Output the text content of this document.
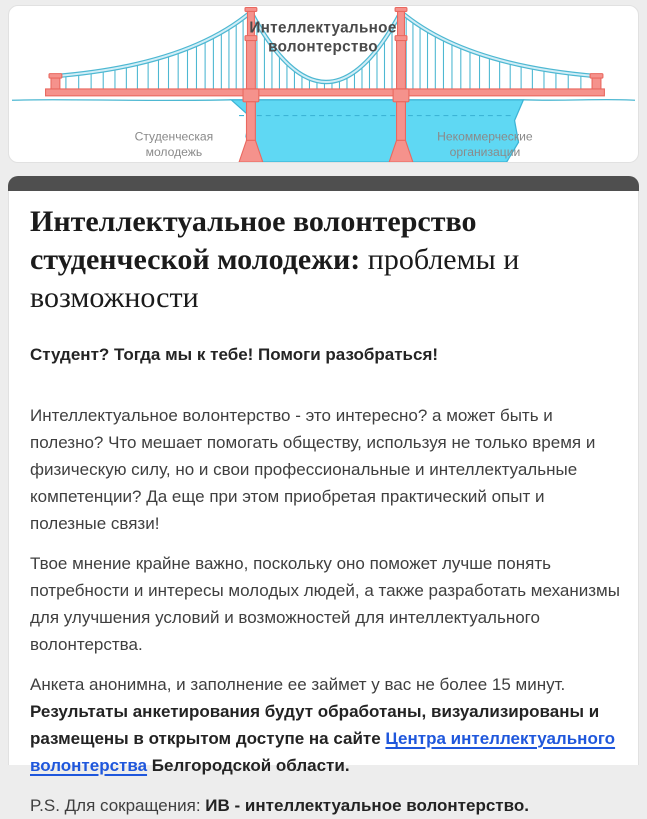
Интеллектуальное
волонтерство
Студенческая
молодежь
Некоммерческие
организации
Интеллектуальное волонтерство студенческой молодежи: проблемы и возможности

Студент? Тогда мы к тебе! Помоги разобраться!

Интеллектуальное волонтерство - это интересно? а может быть и полезно? Что мешает помогать обществу, используя не только время и физическую силу, но и свои профессиональные и интеллектуальные компетенции? Да еще при этом приобретая практический опыт и полезные связи!

Твое мнение крайне важно, поскольку оно поможет лучше понять потребности и интересы молодых людей, а также разработать механизмы для улучшения условий и возможностей для интеллектуального волонтерства.

Анкета анонимна, и заполнение ее займет у вас не более 15 минут.

Результаты анкетирования будут обработаны, визуализированы и размещены в открытом доступе на сайте Центра интеллектуального волонтерства Белгородской области.

P.S. Для сокращения: ИВ - интеллектуальное волонтерство.
